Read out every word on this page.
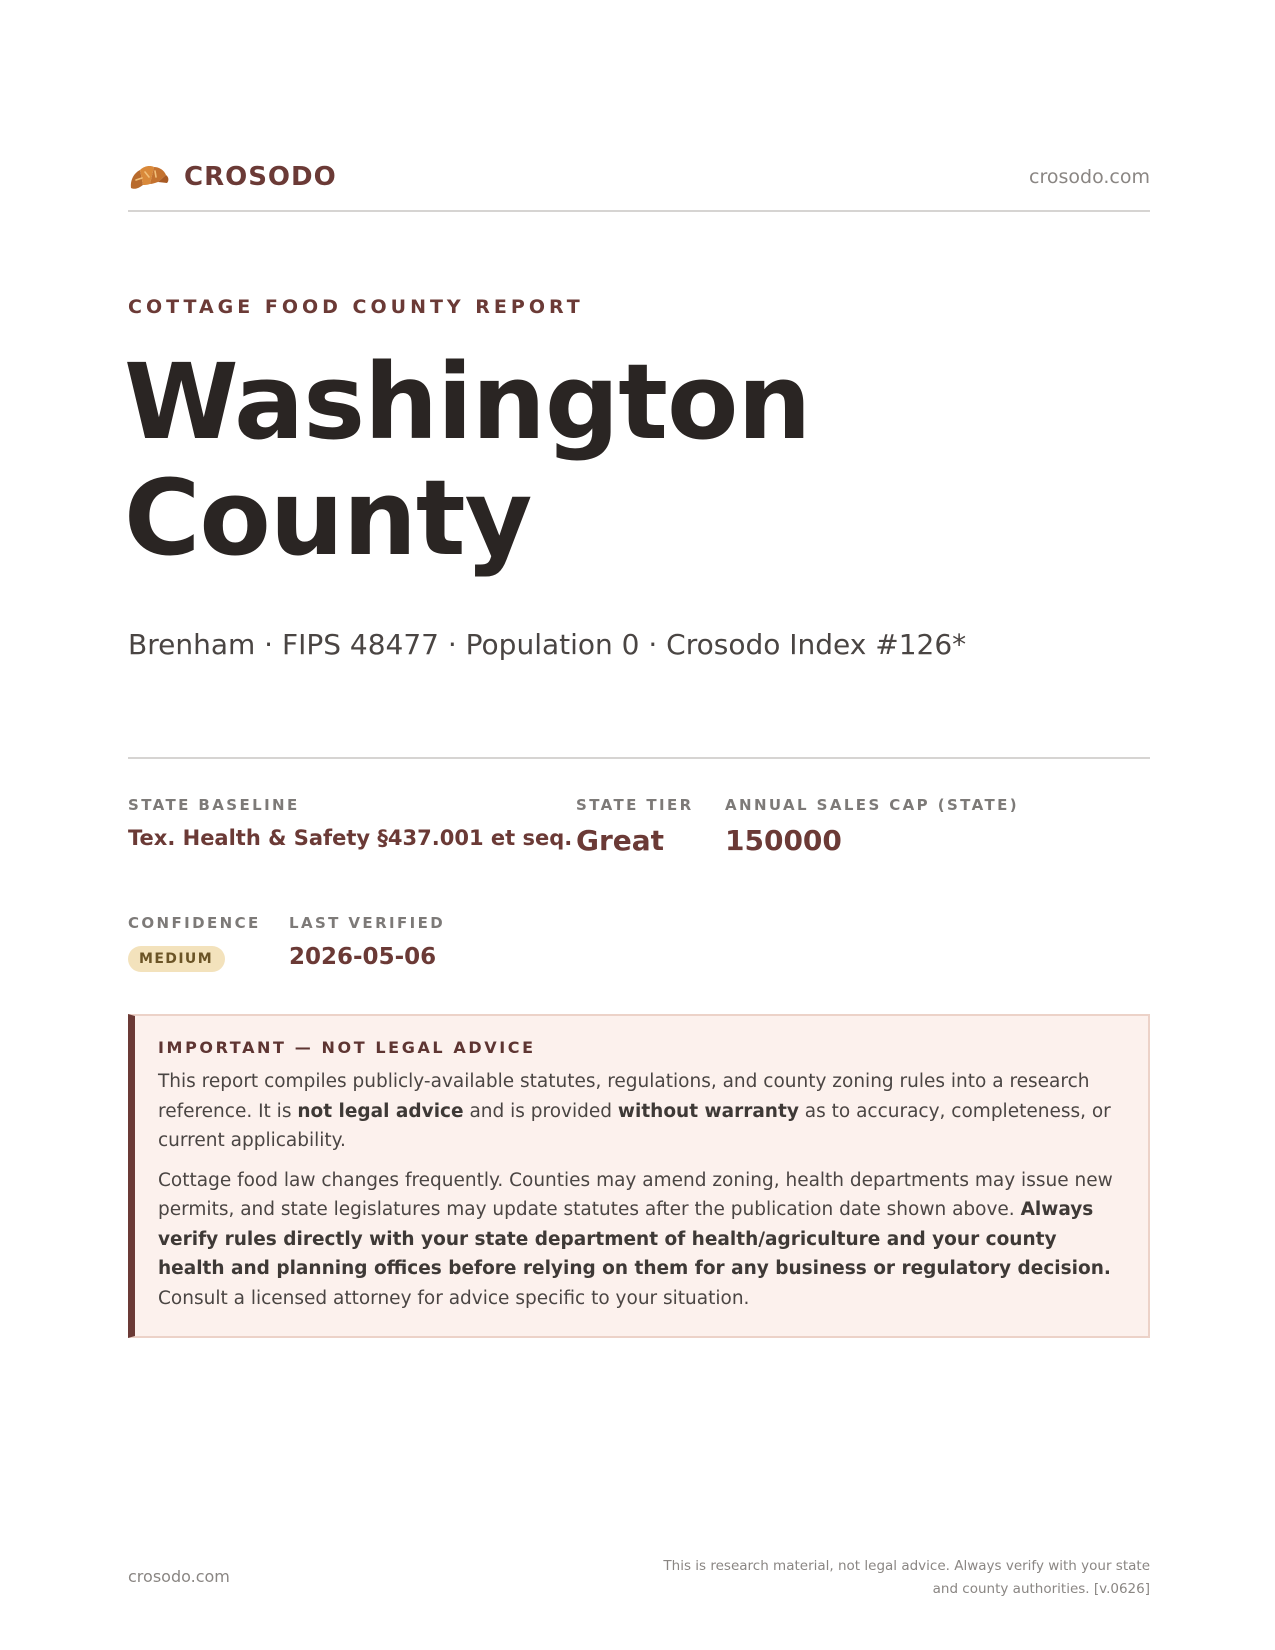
CROSODO	crosodo.com
COTTAGE FOOD COUNTY REPORT
Washington
County
Brenham · FIPS 48477 · Population 0 · Crosodo Index #126*
STATE BASELINE
Tex. Health & Safety §437.001 et seq.
STATE TIER
Great
ANNUAL SALES CAP (STATE)
150000
CONFIDENCE
MEDIUM
LAST VERIFIED
2026-05-06
IMPORTANT — NOT LEGAL ADVICE

This report compiles publicly-available statutes, regulations, and county zoning rules into a research reference. It is not legal advice and is provided without warranty as to accuracy, completeness, or current applicability.

Cottage food law changes frequently. Counties may amend zoning, health departments may issue new permits, and state legislatures may update statutes after the publication date shown above. Always verify rules directly with your state department of health/agriculture and your county health and planning offices before relying on them for any business or regulatory decision. Consult a licensed attorney for advice specific to your situation.

crosodo.com
This is research material, not legal advice. Always verify with your state
and county authorities. [v.0626]
